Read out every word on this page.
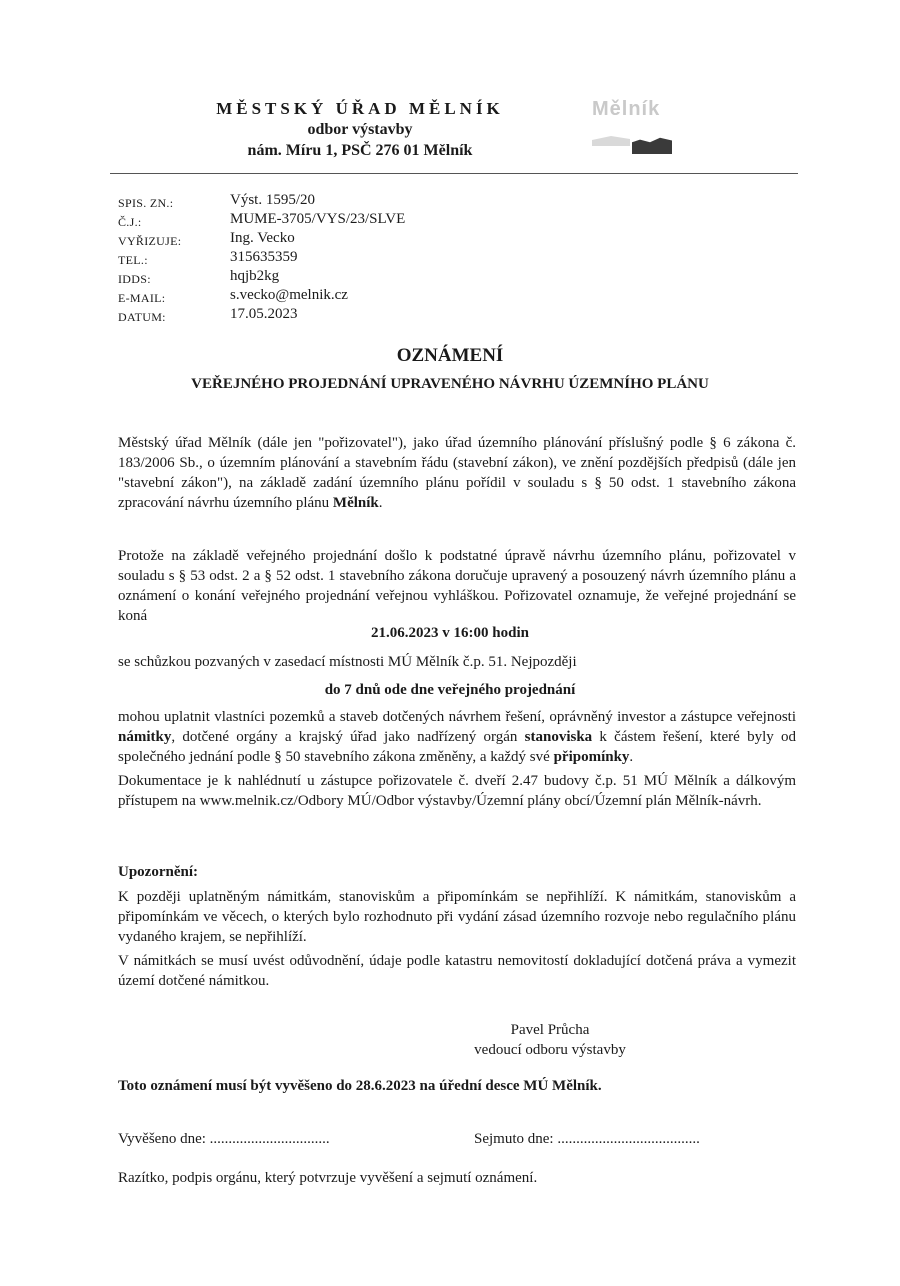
MĚSTSKÝ ÚŘAD MĚLNÍK
odbor výstavby
nám. Míru 1, PSČ 276 01 Mělník
Mělník
SPIS. ZN.:	Výst. 1595/20
Č.J.:	MUME-3705/VYS/23/SLVE
VYŘIZUJE:	Ing. Vecko
TEL.:	315635359
IDDS:	hqjb2kg
E-MAIL:	s.vecko@melnik.cz
DATUM:	17.05.2023
OZNÁMENÍ
VEŘEJNÉHO PROJEDNÁNÍ UPRAVENÉHO NÁVRHU ÚZEMNÍHO PLÁNU
Městský úřad Mělník (dále jen "pořizovatel"), jako úřad územního plánování příslušný podle § 6 zákona č. 183/2006 Sb., o územním plánování a stavebním řádu (stavební zákon), ve znění pozdějších předpisů (dále jen "stavební zákon"), na základě zadání územního plánu pořídil v souladu s § 50 odst. 1 stavebního zákona zpracování návrhu územního plánu Mělník.
Protože na základě veřejného projednání došlo k podstatné úpravě návrhu územního plánu, pořizovatel v souladu s § 53 odst. 2 a § 52 odst. 1 stavebního zákona doručuje upravený a posouzený návrh územního plánu a oznámení o konání veřejného projednání veřejnou vyhláškou. Pořizovatel oznamuje, že veřejné projednání se koná
21.06.2023 v 16:00 hodin
se schůzkou pozvaných v zasedací místnosti MÚ Mělník č.p. 51. Nejpozději
do 7 dnů ode dne veřejného projednání
mohou uplatnit vlastníci pozemků a staveb dotčených návrhem řešení, oprávněný investor a zástupce veřejnosti námitky, dotčené orgány a krajský úřad jako nadřízený orgán stanoviska k částem řešení, které byly od společného jednání podle § 50 stavebního zákona změněny, a každý své připomínky.
Dokumentace je k nahlédnutí u zástupce pořizovatele č. dveří 2.47 budovy č.p. 51 MÚ Mělník a dálkovým přístupem na www.melnik.cz/Odbory MÚ/Odbor výstavby/Územní plány obcí/Územní plán Mělník-návrh.
Upozornění:
K později uplatněným námitkám, stanoviskům a připomínkám se nepřihlíží. K námitkám, stanoviskům a připomínkám ve věcech, o kterých bylo rozhodnuto při vydání zásad územního rozvoje nebo regulačního plánu vydaného krajem, se nepřihlíží.
V námitkách se musí uvést odůvodnění, údaje podle katastru nemovitostí dokladující dotčená práva a vymezit území dotčené námitkou.
Pavel Průcha
vedoucí odboru výstavby
Toto oznámení musí být vyvěšeno do 28.6.2023 na úřední desce MÚ Mělník.
Vyvěšeno dne: ................................	Sejmuto dne: ......................................
Razítko, podpis orgánu, který potvrzuje vyvěšení a sejmutí oznámení.
